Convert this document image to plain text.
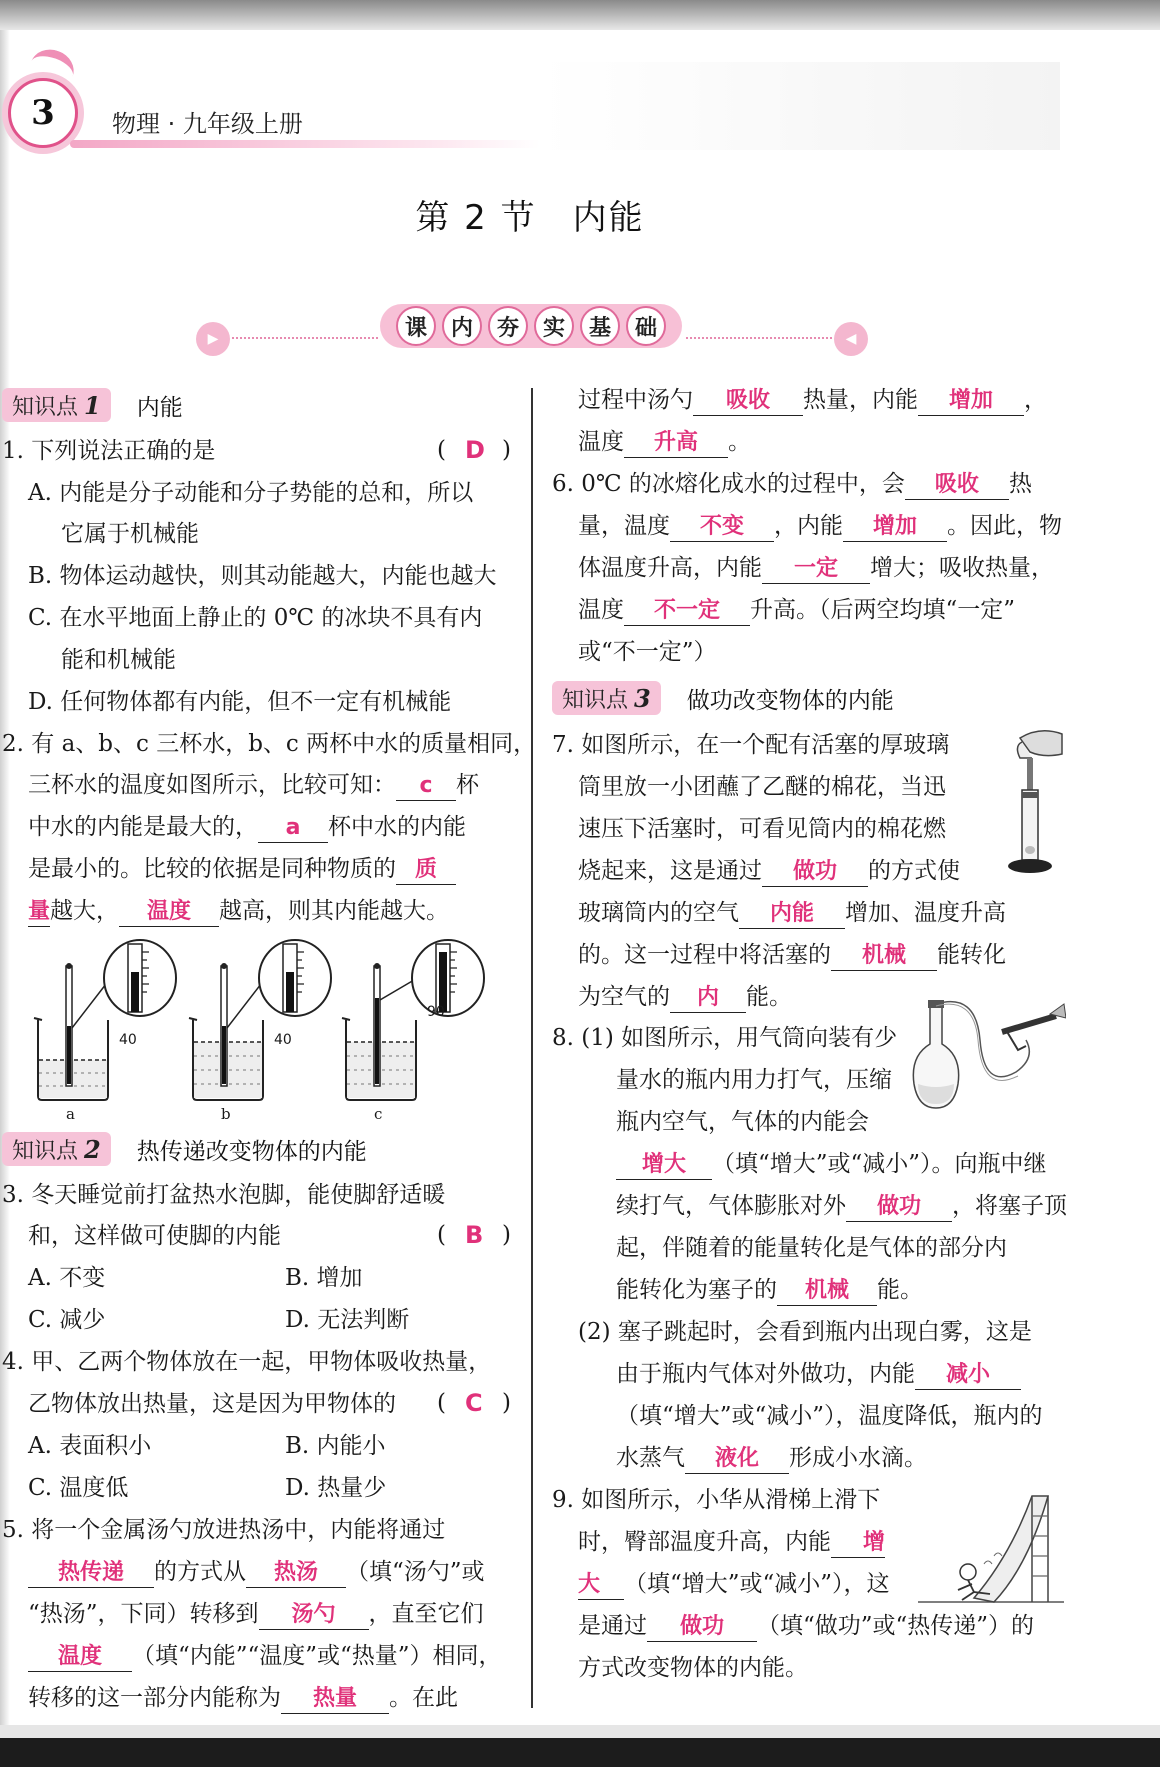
3	物理 · 九年级上册
第 2 节　内能
▶	课	内	夯	实	基	础	◀
知识点 1 内能
1. 下列说法正确的是	( D )
A. 内能是分子动能和分子势能的总和，所以
它属于机械能
B. 物体运动越快，则其动能越大，内能也越大
C. 在水平地面上静止的 0℃ 的冰块不具有内
能和机械能
D. 任何物体都有内能，但不一定有机械能
2. 有 a、b、c 三杯水，b、c 两杯中水的质量相同，
三杯水的温度如图所示，比较可知： c 杯
中水的内能是最大的， a 杯中水的内能
是最小的。比较的依据是同种物质的 质
量越大， 温度 越高，则其内能越大。
40	40
90
a	b	c
知识点 2 热传递改变物体的内能
3. 冬天睡觉前打盆热水泡脚，能使脚舒适暖
和，这样做可使脚的内能	( B )
A. 不变	B. 增加
C. 减少	D. 无法判断
4. 甲、乙两个物体放在一起，甲物体吸收热量，
乙物体放出热量，这是因为甲物体的 ( C )
A. 表面积小	B. 内能小
C. 温度低	D. 热量少
5. 将一个金属汤勺放进热汤中，内能将通过
热传递 的方式从 热汤 （填“汤勺”或
“热汤”，下同）转移到 汤勺 ，直至它们
温度 （填“内能”“温度”或“热量”）相同，
转移的这一部分内能称为 热量 。在此
过程中汤勺 吸收 热量，内能 增加 ，
温度 升高 。
6. 0℃ 的冰熔化成水的过程中，会 吸收 热
量，温度 不变 ，内能 增加 。因此，物
体温度升高，内能 一定 增大；吸收热量，
温度 不一定 升高。（后两空均填“一定”
或“不一定”）
知识点 3 做功改变物体的内能
7. 如图所示，在一个配有活塞的厚玻璃
筒里放一小团蘸了乙醚的棉花，当迅
速压下活塞时，可看见筒内的棉花燃
烧起来，这是通过 做功 的方式使
玻璃筒内的空气 内能 增加、温度升高
的。这一过程中将活塞的 机械 能转化
为空气的 内 能。
8. (1) 如图所示，用气筒向装有少
量水的瓶内用力打气，压缩
瓶内空气，气体的内能会
增大 （填“增大”或“减小”）。向瓶中继
续打气，气体膨胀对外 做功 ，将塞子顶
起，伴随着的能量转化是气体的部分内
能转化为塞子的 机械 能。
(2) 塞子跳起时，会看到瓶内出现白雾，这是
由于瓶内气体对外做功，内能 减小
（填“增大”或“减小”），温度降低，瓶内的
水蒸气 液化 形成小水滴。
9. 如图所示，小华从滑梯上滑下
时，臀部温度升高，内能 增
大 （填“增大”或“减小”），这
是通过 做功 （填“做功”或“热传递”）的
方式改变物体的内能。
